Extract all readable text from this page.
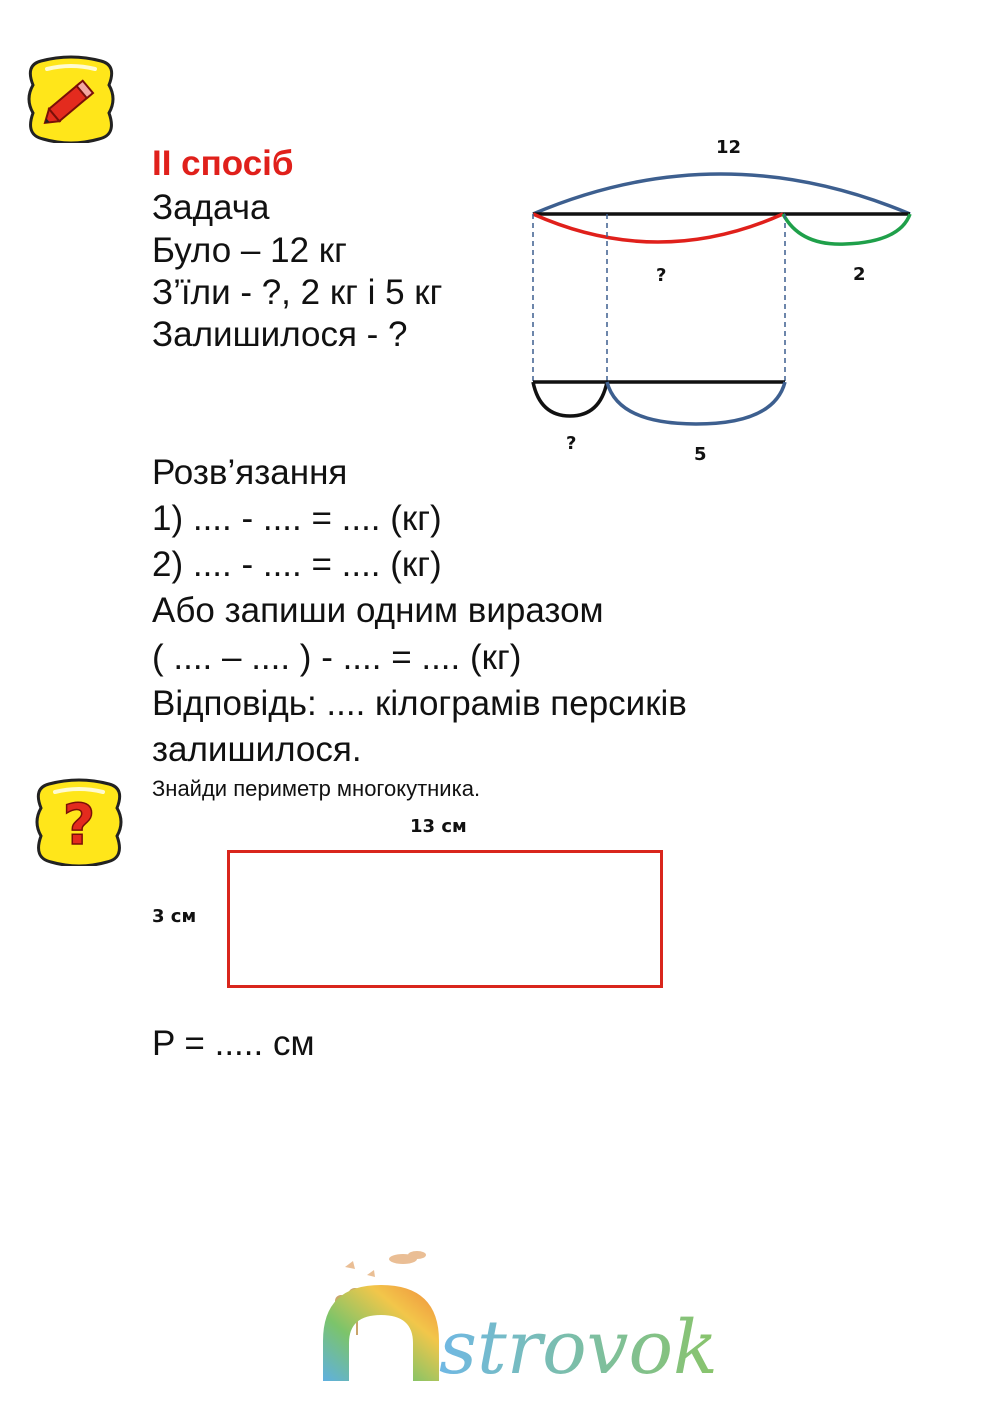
II спосіб
Задача
Було – 12 кг
З’їли - ?, 2 кг і 5 кг
Залишилося - ?
12
?	2
?
5
Розв’язання
1) .... - .... = .... (кг)
2) .... - .... = .... (кг)
Або запиши одним виразом
( .... – .... ) - .... = .... (кг)
Відповідь: .... кілограмів персиків
залишилося.
?
Знайди периметр многокутника.
13 см
3 см
P = ..... см
strovok
